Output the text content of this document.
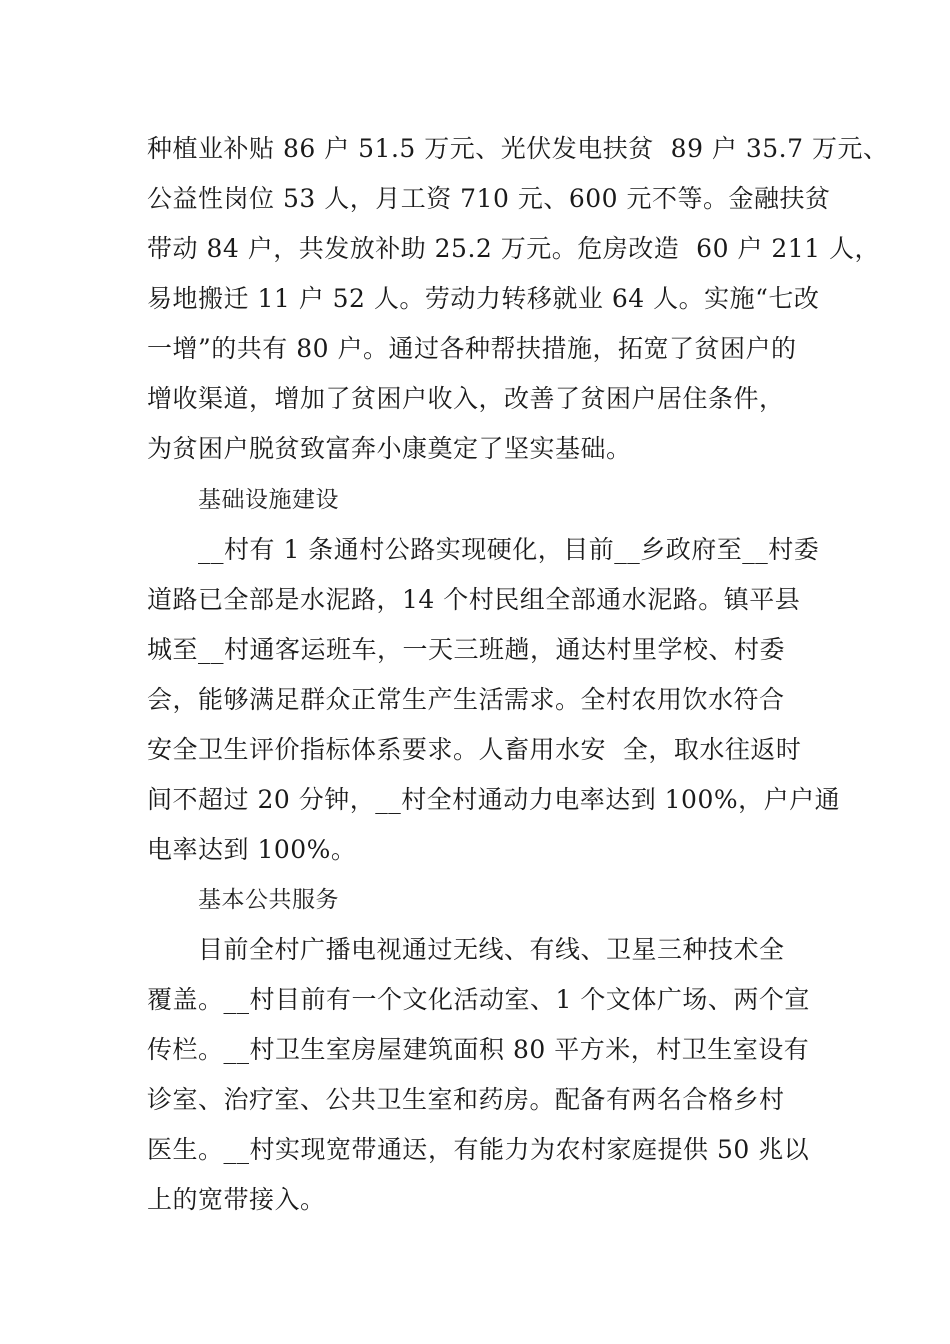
种植业补贴 86 户 51.5 万元、光伏发电扶贫  89 户 35.7 万元、
公益性岗位 53 人，月工资 710 元、600 元不等。金融扶贫
带动 84 户，共发放补助 25.2 万元。危房改造  60 户 211 人，
易地搬迁 11 户 52 人。劳动力转移就业 64 人。实施“七改
一增”的共有 80 户。通过各种帮扶措施，拓宽了贫困户的
增收渠道，增加了贫困户收入，改善了贫困户居住条件，
为贫困户脱贫致富奔小康奠定了坚实基础。
基础设施建设
__村有 1 条通村公路实现硬化，目前__乡政府至__村委
道路已全部是水泥路，14 个村民组全部通水泥路。镇平县
城至__村通客运班车，一天三班趟，通达村里学校、村委
会，能够满足群众正常生产生活需求。全村农用饮水符合
安全卫生评价指标体系要求。人畜用水安  全，取水往返时
间不超过 20 分钟，__村全村通动力电率达到 100%，户户通
电率达到 100%。
基本公共服务
目前全村广播电视通过无线、有线、卫星三种技术全
覆盖。__村目前有一个文化活动室、1 个文体广场、两个宣
传栏。__村卫生室房屋建筑面积 80 平方米，村卫生室设有
诊室、治疗室、公共卫生室和药房。配备有两名合格乡村
医生。__村实现宽带通迗，有能力为农村家庭提供 50 兆以
上的宽带接入。
